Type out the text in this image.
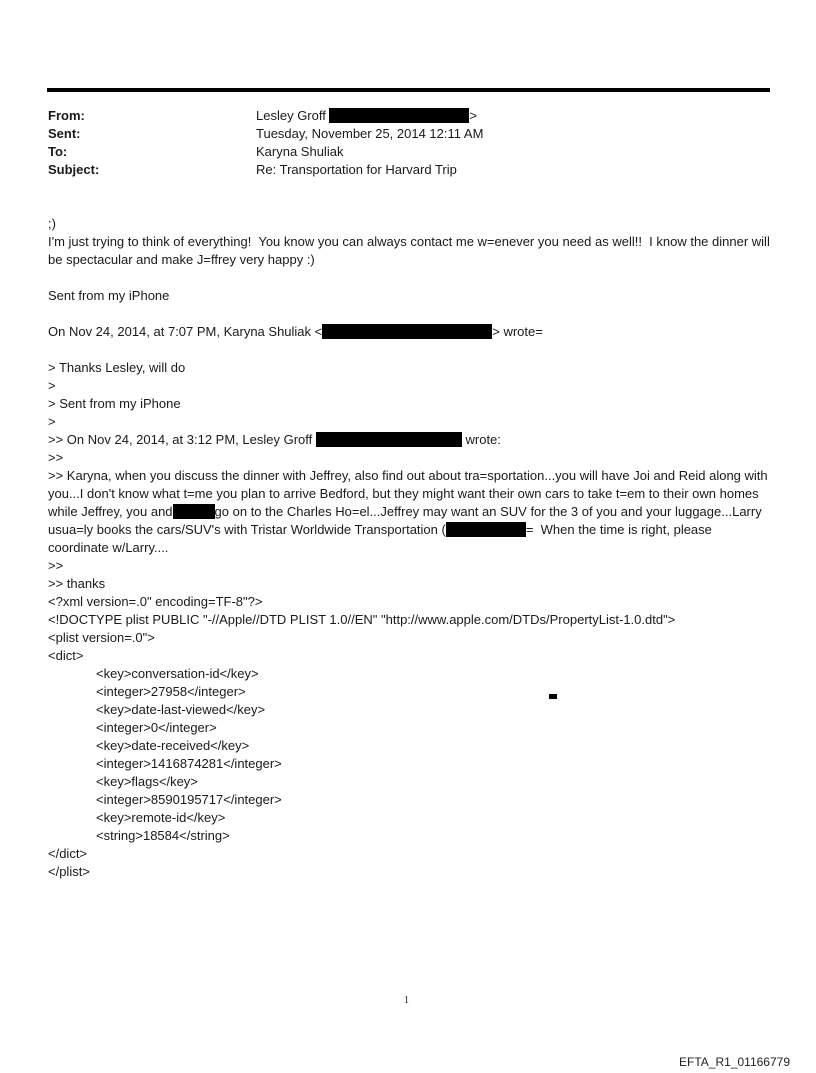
From:	Lesley Groff	>
Sent:	Tuesday, November 25, 2014 12:11 AM
To:	Karyna Shuliak
Subject:	Re: Transportation for Harvard Trip
;)
I'm just trying to think of everything!  You know you can always contact me w=enever you need as well!!  I know the dinner will be spectacular and make J=ffrey very happy :)
Sent from my iPhone
On Nov 24, 2014, at 7:07 PM, Karyna Shuliak <	> wrote=
> Thanks Lesley, will do
>
> Sent from my iPhone
>
>> On Nov 24, 2014, at 3:12 PM, Lesley Groff	wrote:
>>
>> Karyna, when you discuss the dinner with Jeffrey, also find out about tra=sportation...you will have Joi and Reid along with you...I don't know what t=me you plan to arrive Bedford, but they might want their own cars to take t=em to their own homes while Jeffrey, you and	go on to the Charles Ho=el...Jeffrey may want an SUV for the 3 of you and your luggage...Larry usua=ly books the cars/SUV's with Tristar Worldwide Transportation (	=  When the time is right, please coordinate w/Larry....
>>
>> thanks
<?xml version=.0" encoding=TF-8"?>
<!DOCTYPE plist PUBLIC "-//Apple//DTD PLIST 1.0//EN" "http://www.apple.com/DTDs/PropertyList-1.0.dtd">
<plist version=.0">
<dict>
<key>conversation-id</key>
<integer>27958</integer>
<key>date-last-viewed</key>
<integer>0</integer>
<key>date-received</key>
<integer>1416874281</integer>
<key>flags</key>
<integer>8590195717</integer>
<key>remote-id</key>
<string>18584</string>
</dict>
</plist>
1
EFTA_R1_01166779
